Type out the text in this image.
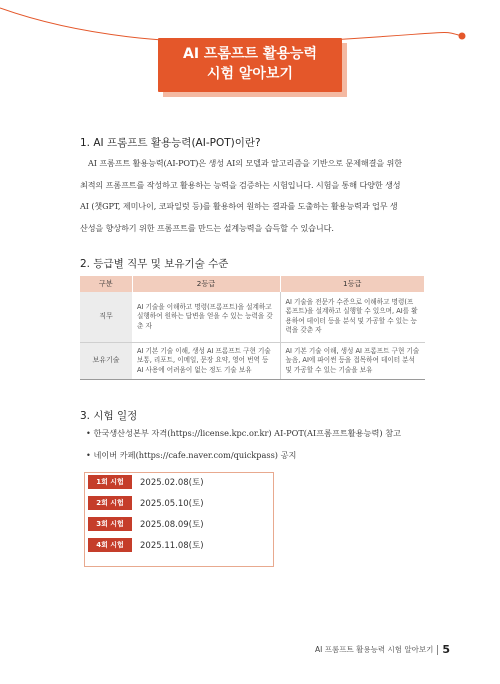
AI 프롬프트 활용능력
시험 알아보기
1. AI 프롬프트 활용능력(AI-POT)이란?
AI 프롬프트 활용능력(AI-POT)은 생성 AI의 모델과 알고리즘을 기반으로 문제해결을 위한
최적의 프롬프트를 작성하고 활용하는 능력을 검증하는 시험입니다. 시험을 통해 다양한 생성
AI (챗GPT, 제미나이, 코파일럿 등)를 활용하여 원하는 결과를 도출하는 활용능력과 업무 생
산성을 향상하기 위한 프롬프트를 만드는 설계능력을 습득할 수 있습니다.
2. 등급별 직무 및 보유기술 수준
구분	2등급	1등급
직무	AI 기술을 이해하고 명령(프롬프트)을 설계하고 실행하여 원하는 답변을 얻을 수 있는 능력을 갖춘 자	AI 기술을 전문가 수준으로 이해하고 명령(프롬프트)을 설계하고 실행할 수 있으며, AI를 활용하여 데이터 등을 분석 및 가공할 수 있는 능력을 갖춘 자
보유기술	AI 기본 기술 이해, 생성 AI 프롬프트 구현 기술 보통, 리포트, 이메일, 문장 요약, 영어 번역 등 AI 사용에 어려움이 없는 정도 기술 보유	AI 기본 기술 이해, 생성 AI 프롬프트 구현 기술 높음, AI에 파이썬 등을 접목하여 데이터 분석 및 가공할 수 있는 기술을 보유
3. 시험 일정
• 한국생산성본부 자격(https://license.kpc.or.kr) AI-POT(AI프롬프트활용능력) 참고
• 네이버 카페(https://cafe.naver.com/quickpass) 공지
1회 시험	2025.02.08(토)
2회 시험	2025.05.10(토)
3회 시험	2025.08.09(토)
4회 시험	2025.11.08(토)
AI 프롬프트 활용능력 시험 알아보기 5
